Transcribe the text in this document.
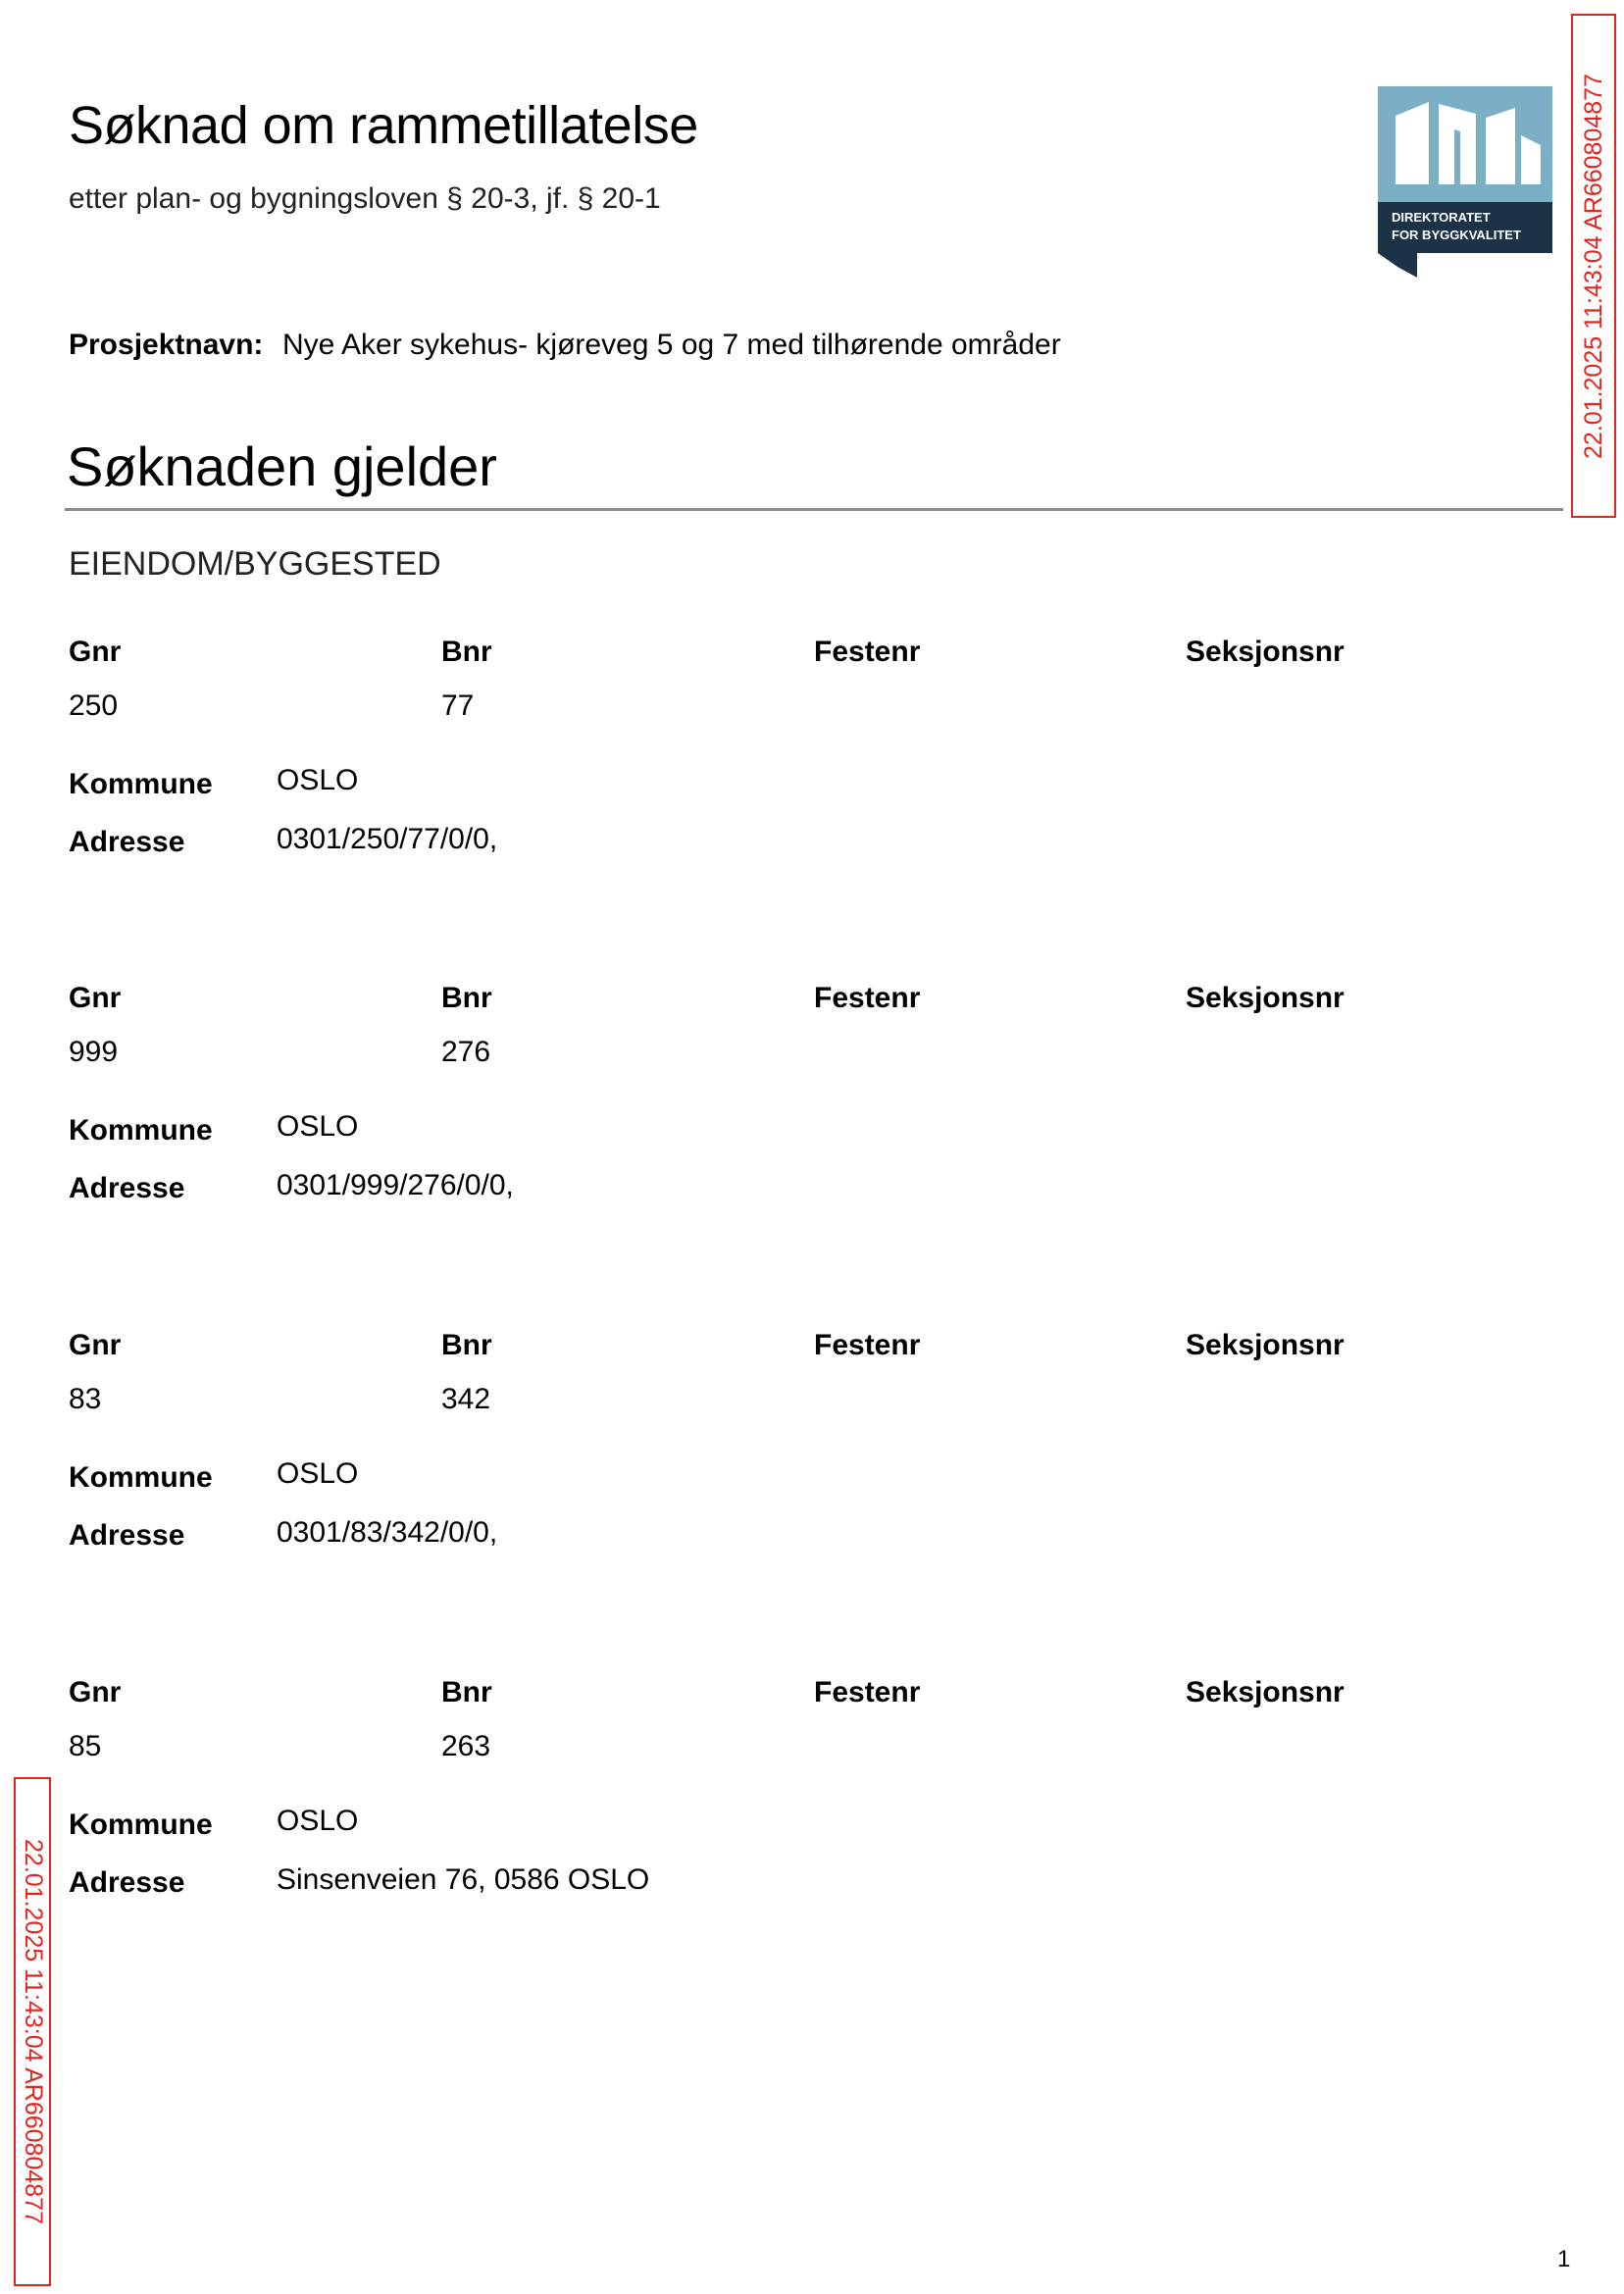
Søknad om rammetillatelse

etter plan- og bygningsloven § 20-3, jf. § 20-1

DIREKTORATET
FOR BYGGKVALITET
Prosjektnavn: Nye Aker sykehus- kjøreveg 5 og 7 med tilhørende områder
Søknaden gjelder
EIENDOM/BYGGESTED
Gnr	Bnr	Festenr	Seksjonsnr
250	77
Kommune OSLO
Adresse	0301/250/77/0/0,
Gnr	Bnr	Festenr	Seksjonsnr
999	276
Kommune OSLO
Adresse	0301/999/276/0/0,
Gnr	Bnr	Festenr	Seksjonsnr
83	342
Kommune OSLO
Adresse	0301/83/342/0/0,
Gnr	Bnr	Festenr	Seksjonsnr
85	263
Kommune OSLO
Adresse	Sinsenveien 76, 0586 OSLO
22.01.2025 11:43:04 AR660804877
22.01.2025 11:43:04 AR660804877
1
